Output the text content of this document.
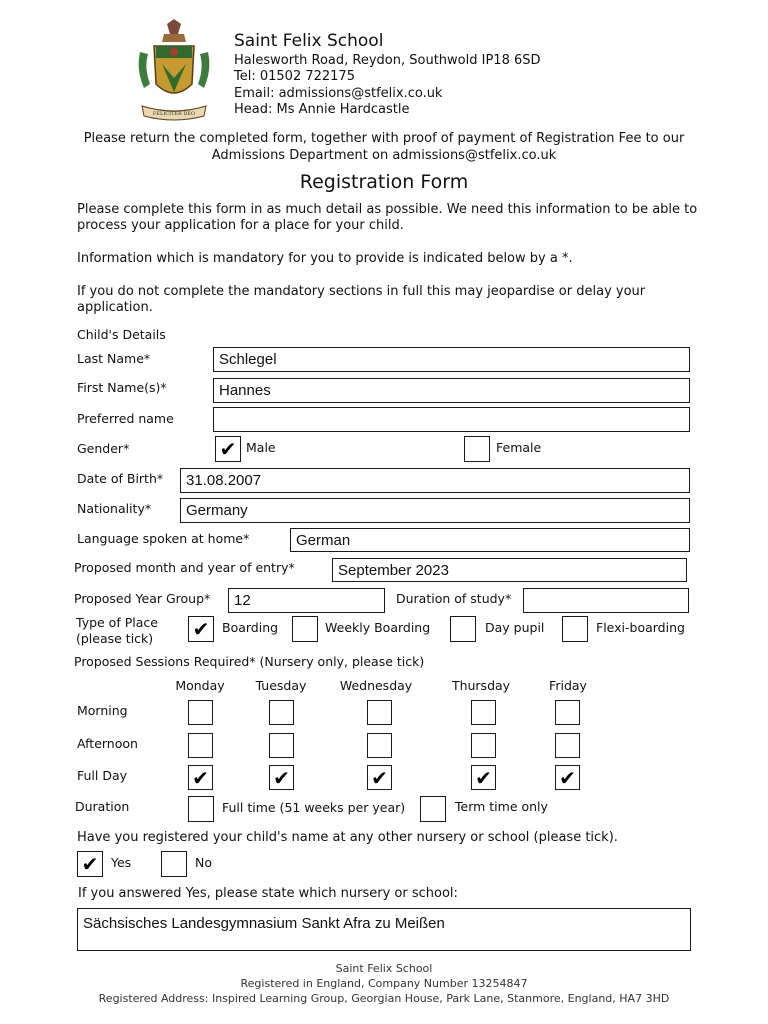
FELICITER DEO
Saint Felix School
Halesworth Road, Reydon, Southwold IP18 6SD
Tel: 01502 722175
Email: admissions@stfelix.co.uk
Head: Ms Annie Hardcastle
Please return the completed form, together with proof of payment of Registration Fee to our
Admissions Department on admissions@stfelix.co.uk
Registration Form
Please complete this form in as much detail as possible. We need this information to be able to
process your application for a place for your child.
Information which is mandatory for you to provide is indicated below by a *.
If you do not complete the mandatory sections in full this may jeopardise or delay your
application.
Child's Details
Last Name*	Schlegel
First Name(s)*	Hannes
Preferred name
Gender*	✔ Male	Female
Date of Birth*	31.08.2007
Nationality*	Germany
Language spoken at home*	German
Proposed month and year of entry*	September 2023
Proposed Year Group*	12	Duration of study*
Type of Place
(please tick) ✔	Boarding	Weekly Boarding	Day pupil	Flexi-boarding
Proposed Sessions Required* (Nursery only, please tick)
Monday	Tuesday	Wednesday	Thursday	Friday
Morning
Afternoon
Full Day	✔	✔	✔	✔	✔
Duration	Full time (51 weeks per year)	Term time only
Have you registered your child's name at any other nursery or school (please tick).
✔	Yes	No
If you answered Yes, please state which nursery or school:
Sächsisches Landesgymnasium Sankt Afra zu Meißen
Saint Felix School
Registered in England, Company Number 13254847
Registered Address: Inspired Learning Group, Georgian House, Park Lane, Stanmore, England, HA7 3HD
